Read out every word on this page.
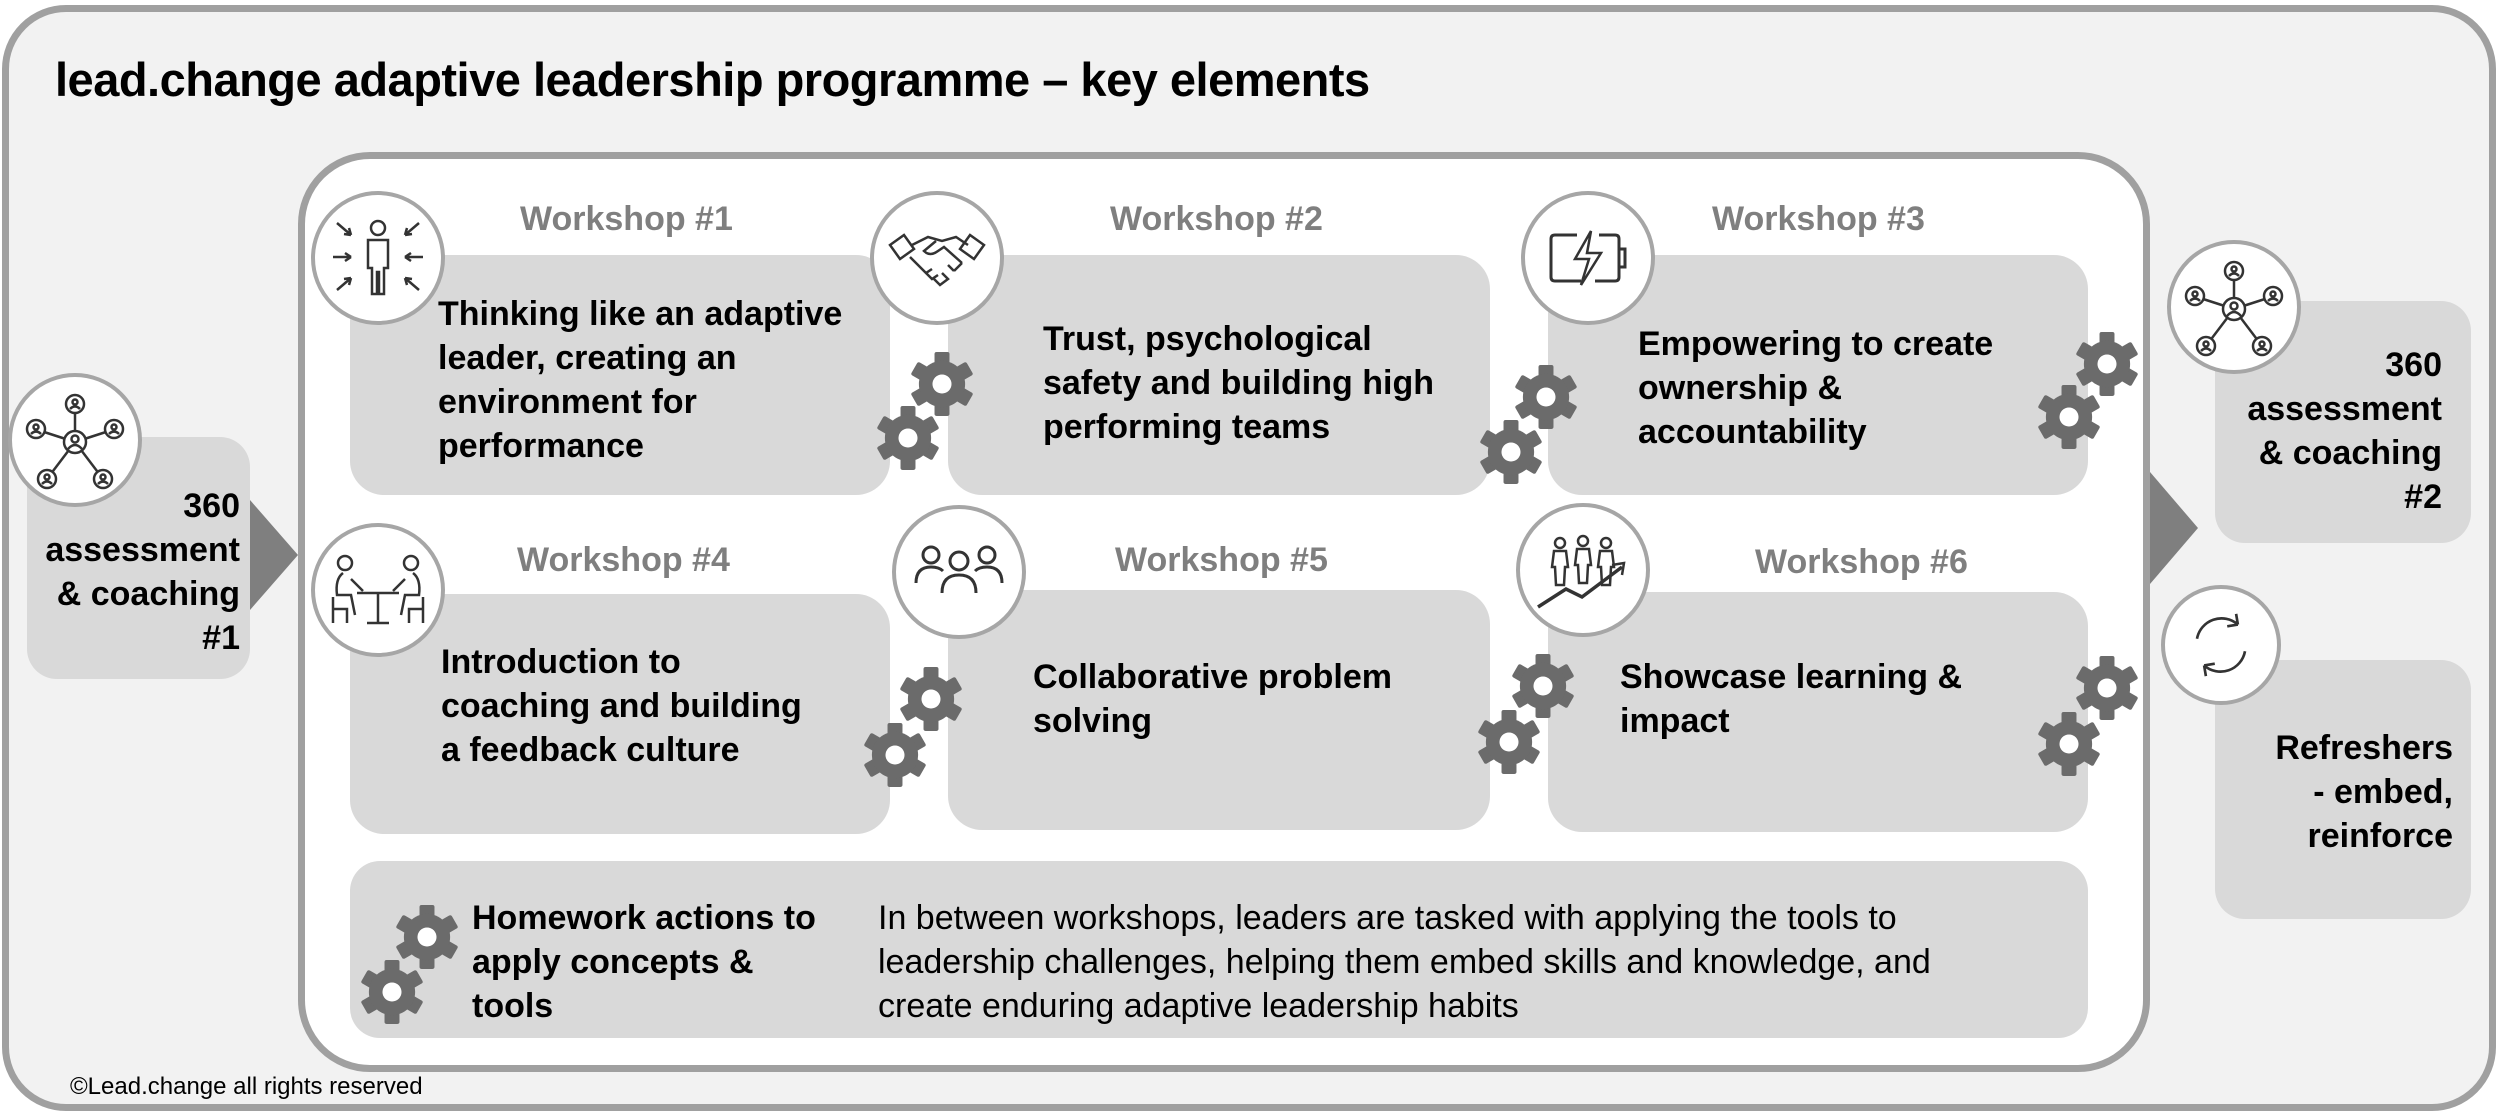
lead.change adaptive leadership programme – key elements
360
assessment
& coaching
#1
Workshop #1	Workshop #2	Workshop #3
Workshop #4	Workshop #5	Workshop #6
Thinking like an adaptive
leader, creating an
environment for
performance
Trust, psychological
safety and building high
performing teams
Empowering to create
ownership &
accountability
Introduction to
coaching and building
a feedback culture
Collaborative problem
solving
Showcase learning &
impact
Homework actions to
apply concepts &
tools
In between workshops, leaders are tasked with applying the tools to
leadership challenges, helping them embed skills and knowledge, and
create enduring adaptive leadership habits
360
assessment
& coaching
#2
Refreshers
- embed,
reinforce
©Lead.change all rights reserved
